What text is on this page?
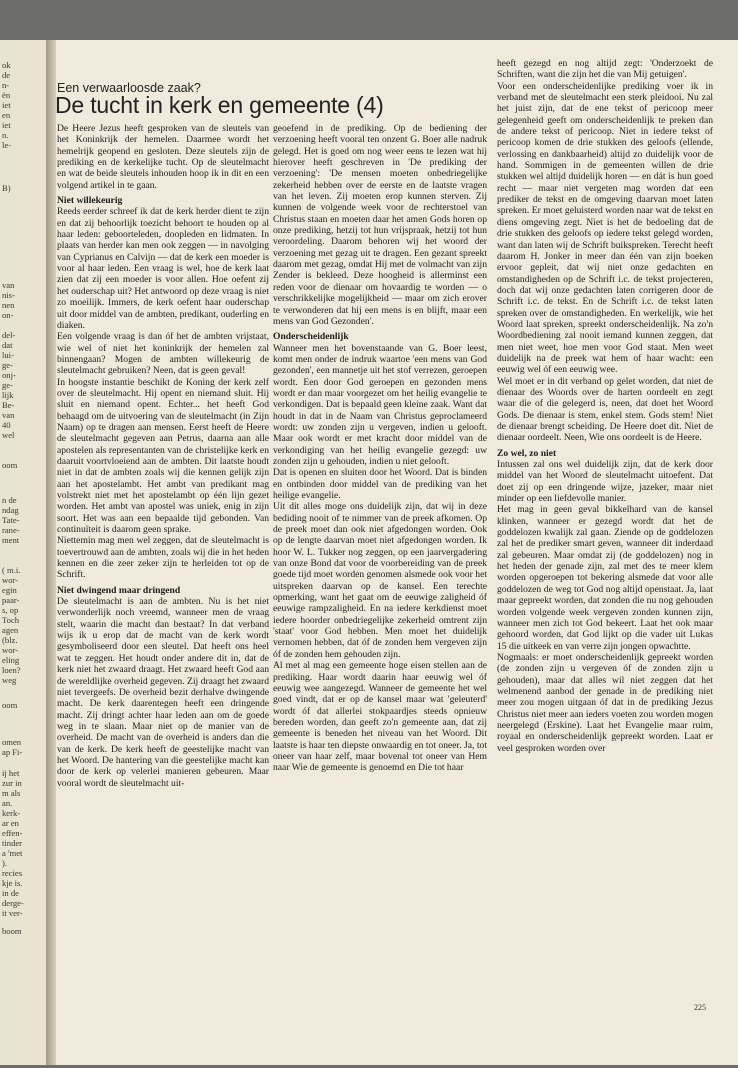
ok
de
n-
ën
iet
en
iet
n.
le-
B)
van
nis-
nen
on-
del-
dat
lui-
ge-
onj-
ge-
lijk
Be-
van
40
wel
oom
n de
ndag
Tate-
rane-
ment
( m.i.
wor-
egin
paar-
s, op
Toch
agen
(blz.
wor-
eling
loen?
weg
oom
omen
ap Fi-
ij het
zur in
m als
an.
kerk-
ar en
effen-
tinder
a 'met
).
recies
kje is.
in de
derge-
it ver-
boom
Een verwaarloosde zaak?
De tucht in kerk en gemeente (4)

De Heere Jezus heeft gesproken van de sleutels van het Koninkrijk der hemelen. Daarmee wordt het hemelrijk geopend en gesloten. Deze sleutels zijn de prediking en de kerkelijke tucht. Op de sleutelmacht en wat de beide sleutels inhouden hoop ik in dit en een volgend artikel in te gaan.

Niet willekeurig

Reeds eerder schreef ik dat de kerk herder dient te zijn en dat zij behoorlijk toezicht behoort te houden op al haar leden: geboorteleden, doopleden en lidmaten. In plaats van herder kan men ook zeggen — in navolging van Cyprianus en Calvijn — dat de kerk een moeder is voor al haar leden. Een vraag is wel, hoe de kerk laat zien dat zij een moeder is voor allen. Hoe oefent zij het ouderschap uit? Het antwoord op deze vraag is niet zo moeilijk. Immers, de kerk oefent haar ouderschap uit door middel van de ambten, predikant, ouderling en diaken.

Een volgende vraag is dan óf het de ambten vrijstaat, wie wel of niet het koninkrijk der hemelen zal binnengaan? Mogen de ambten willekeurig de sleutelmacht gebruiken? Neen, dat is geen geval!

In hoogste instantie beschikt de Koning der kerk zelf over de sleutelmacht. Hij opent en niemand sluit. Hij sluit en niemand opent. Echter... het heeft God behaagd om de uitvoering van de sleutelmacht (in Zijn Naam) op te dragen aan mensen. Eerst heeft de Heere de sleutelmacht gegeven aan Petrus, daarna aan alle apostelen als representanten van de christelijke kerk en daaruit voortvloeiend aan de ambten. Dit laatste houdt niet in dat de ambten zoals wij die kennen gelijk zijn aan het apostelambt. Het ambt van predikant mag volstrekt niet met het apostelambt op één lijn gezet worden. Het ambt van apostel was uniek, enig in zijn soort. Het was aan een bepaalde tijd gebonden. Van continuïteit is daarom geen sprake.

Niettemin mag men wel zeggen, dat de sleutelmacht is toevertrouwd aan de ambten, zoals wij die in het heden kennen en die zeer zeker zijn te herleiden tot op de Schrift.

Niet dwingend maar dringend

De sleutelmacht is aan de ambten. Nu is het niet verwonderlijk noch vreemd, wanneer men de vraag stelt, waarin die macht dan bestaat? In dat verband wijs ik u erop dat de macht van de kerk wordt gesymboliseerd door een sleutel. Dat heeft ons heel wat te zeggen. Het houdt onder andere dit in, dat de kerk niet het zwaard draagt. Het zwaard heeft God aan de wereldlijke overheid gegeven. Zij draagt het zwaard niet tevergeefs. De overheid bezit derhalve dwingende macht. De kerk daarentegen heeft een dringende macht. Zij dringt achter haar leden aan om de goede weg in te slaan. Maar niet op de manier van de overheid. De macht van de overheid is anders dan die van de kerk. De kerk heeft de geestelijke macht van het Woord. De hantering van die geestelijke macht kan door de kerk op velerlei manieren gebeuren. Maar vooral wordt de sleutelmacht uit-

geoefend in de prediking. Op de bediening der verzoening heeft vooral ten onzent G. Boer alle nadruk gelegd. Het is goed om nog weer eens te lezen wat hij hierover heeft geschreven in 'De prediking der verzoening': 'De mensen moeten onbedriegelijke zekerheid hebben over de eerste en de laatste vragen van het leven. Zij moeten erop kunnen sterven. Zij kunnen de volgende week voor de rechterstoel van Christus staan en moeten daar het amen Gods horen op onze prediking, hetzij tot hun vrijspraak, hetzij tot hun veroordeling. Daarom behoren wij het woord der verzoening met gezag uit te dragen. Een gezant spreekt daarom met gezag, omdat Hij met de volmacht van zijn Zender is bekleed. Deze hoogheid is allerminst een reden voor de dienaar om hovaardig te worden — o verschrikkelijke mogelijkheid — maar om zich erover te verwonderen dat hij een mens is en blijft, maar een mens van God Gezonden'.

Onderscheidenlijk

Wanneer men het bovenstaande van G. Boer leest, komt men onder de indruk waartoe 'een mens van God gezonden', een mannetje uit het stof verrezen, geroepen wordt. Een door God geroepen en gezonden mens wordt er dan maar voorgezet om het heilig evangelie te verkondigen. Dat is bepaald geen kleine zaak. Want dat houdt in dat in de Naam van Christus geproclameerd wordt: uw zonden zijn u vergeven, indien u gelooft. Maar ook wordt er met kracht door middel van de verkondiging van het heilig evangelie gezegd: uw zonden zijn u gehouden, indien u niet gelooft.

Dat is openen en sluiten door het Woord. Dat is binden en ontbinden door middel van de prediking van het heilige evangelie.

Uit dit alles moge ons duidelijk zijn, dat wij in deze bediding nooit of te nimmer van de preek afkomen. Op de preek moet dan ook niet afgedongen worden. Ook op de lengte daarvan moet niet afgedongen worden. Ik hoor W. L. Tukker nog zeggen, op een jaarvergadering van onze Bond dat voor de voorbereiding van de preek goede tijd moet worden genomen alsmede ook voor het uitspreken daarvan op de kansel. Een terechte opmerking, want het gaat om de eeuwige zaligheid óf eeuwige rampzaligheid. En na iedere kerkdienst moet iedere hoorder onbedriegelijke zekerheid omtrent zijn 'staat' voor God hebben. Men moet het duidelijk vernomen hebben, dat óf de zonden hem vergeven zijn óf de zonden hem gehouden zijn.

Al met al mag een gemeente hoge eisen stellen aan de prediking. Haar wordt daarin haar eeuwig wel óf eeuwig wee aangezegd. Wanneer de gemeente het wel goed vindt, dat er op de kansel maar wat 'geleuterd' wordt óf dat allerlei stokpaardjes steeds opnieuw bereden worden, dan geeft zo'n gemeente aan, dat zij gemeente is beneden het niveau van het Woord. Dit laatste is haar ten diepste onwaardig en tot oneer. Ja, tot oneer van haar zelf, maar bovenal tot oneer van Hem naar Wie de gemeente is genoemd en Die tot haar

heeft gezegd en nog altijd zegt: 'Onderzoekt de Schriften, want die zijn het die van Mij getuigen'.

Voor een onderscheidenlijke prediking voer ik in verband met de sleutelmacht een sterk pleidooi. Nu zal het juist zijn, dat de ene tekst of pericoop meer gelegenheid geeft om onderscheidenlijk te preken dan de andere tekst of pericoop. Niet in iedere tekst of pericoop komen de drie stukken des geloofs (ellende, verlossing en dankbaarheid) altijd zo duidelijk voor de hand. Sommigen in de gemeenten willen de drie stukken wel altijd duidelijk horen — en dát is hun goed recht — maar niet vergeten mag worden dat een prediker de tekst en de omgeving daarvan moet laten spreken. Er moet geluisterd worden naar wat de tekst en diens omgeving zegt. Niet is het de bedoeling dat de drie stukken des geloofs op iedere tekst gelegd worden, want dan laten wij de Schrift buikspreken. Terecht heeft daarom H. Jonker in meer dan één van zijn boeken ervoor gepleit, dat wij niet onze gedachten en omstandigheden op de Schrift i.c. de tekst projecteren, doch dat wij onze gedachten laten corrigeren door de Schrift i.c. de tekst. En de Schrift i.c. de tekst laten spreken over de omstandigheden. En werkelijk, wie het Woord laat spreken, spreekt onderscheidenlijk. Na zo'n Woordbediening zal nooit iemand kunnen zeggen, dat men niet weet, hoe men voor God staat. Men weet duidelijk na de preek wat hem of haar wacht: een eeuwig wel óf een eeuwig wee.

Wel moet er in dit verband op gelet worden, dat niet de dienaar des Woords over de harten oordeelt en zegt waar die of die gelegerd is, neen, dat doet het Woord Gods. De dienaar is stem, enkel stem. Gods stem! Niet de dienaar brengt scheiding. De Heere doet dit. Niet de dienaar oordeelt. Neen, Wie ons oordeelt is de Heere.

Zo wel, zo niet

Intussen zal ons wel duidelijk zijn, dat de kerk door middel van het Woord de sleutelmacht uitoefent. Dat doet zij op een dringende wijze, jazeker, maar niet minder op een liefdevolle manier.

Het mag in geen geval bikkelhard van de kansel klinken, wanneer er gezegd wordt dat het de goddelozen kwalijk zal gaan. Ziende op de goddelozen zal het de prediker smart geven, wanneer dit inderdaad zal gebeuren. Maar omdat zij (de goddelozen) nog in het heden der genade zijn, zal met des te meer klem worden opgeroepen tot bekering alsmede dat voor alle goddelozen de weg tot God nog altijd openstaat. Ja, laat maar gepreekt worden, dat zonden die nu nog gehouden worden volgende week vergeven zonden kunnen zijn, wanneer men zich tot God bekeert. Laat het ook maar gehoord worden, dat God lijkt op die vader uit Lukas 15 die uitkeek en van verre zijn jongen opwachtte.

Nogmaals: er moet onderscheidenlijk gepreekt worden (de zonden zijn u vergeven óf de zonden zijn u gehouden), maar dat alles wil niet zeggen dat het welmenend aanbod der genade in de prediking niet meer zou mogen uitgaan óf dat in de prediking Jezus Christus niet meer aan ieders voeten zou worden mogen neergelegd (Erskine). Laat het Evangelie maar ruim, royaal en onderscheidenlijk gepreekt worden. Laat er veel gesproken worden over

225
